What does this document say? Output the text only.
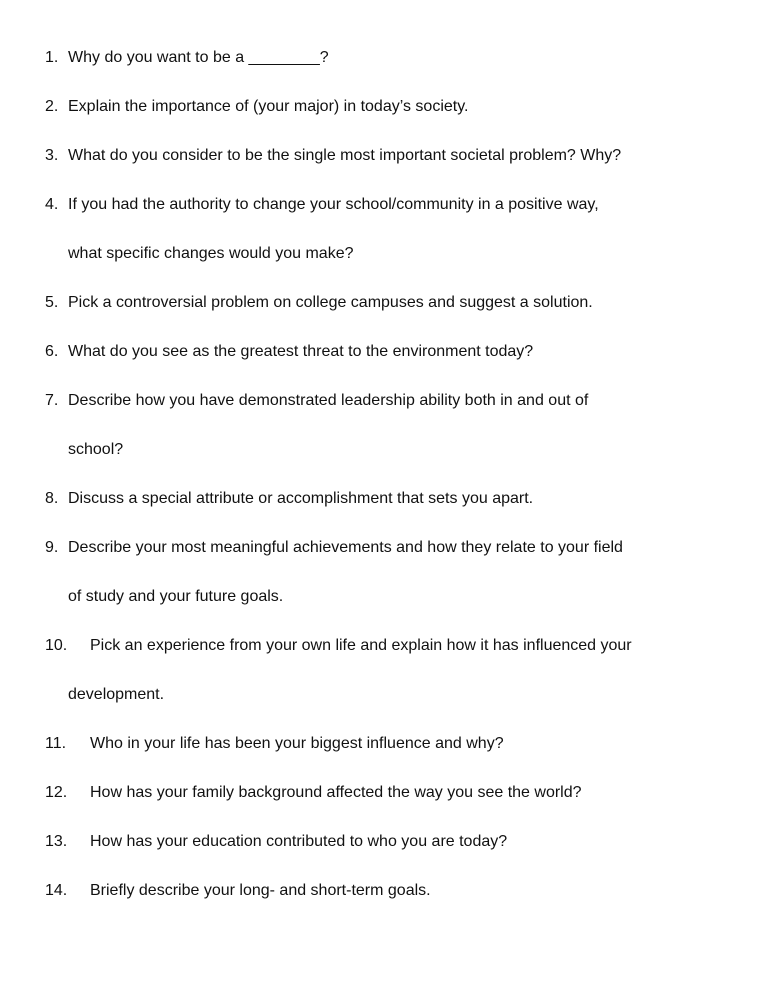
1. Why do you want to be a ________?
2. Explain the importance of (your major) in today’s society.
3. What do you consider to be the single most important societal problem? Why?
4. If you had the authority to change your school/community in a positive way,
what specific changes would you make?
5. Pick a controversial problem on college campuses and suggest a solution.
6. What do you see as the greatest threat to the environment today?
7. Describe how you have demonstrated leadership ability both in and out of
school?
8. Discuss a special attribute or accomplishment that sets you apart.
9. Describe your most meaningful achievements and how they relate to your field
of study and your future goals.
10. Pick an experience from your own life and explain how it has influenced your
development.
11. Who in your life has been your biggest influence and why?
12. How has your family background affected the way you see the world?
13. How has your education contributed to who you are today?
14. Briefly describe your long- and short-term goals.
